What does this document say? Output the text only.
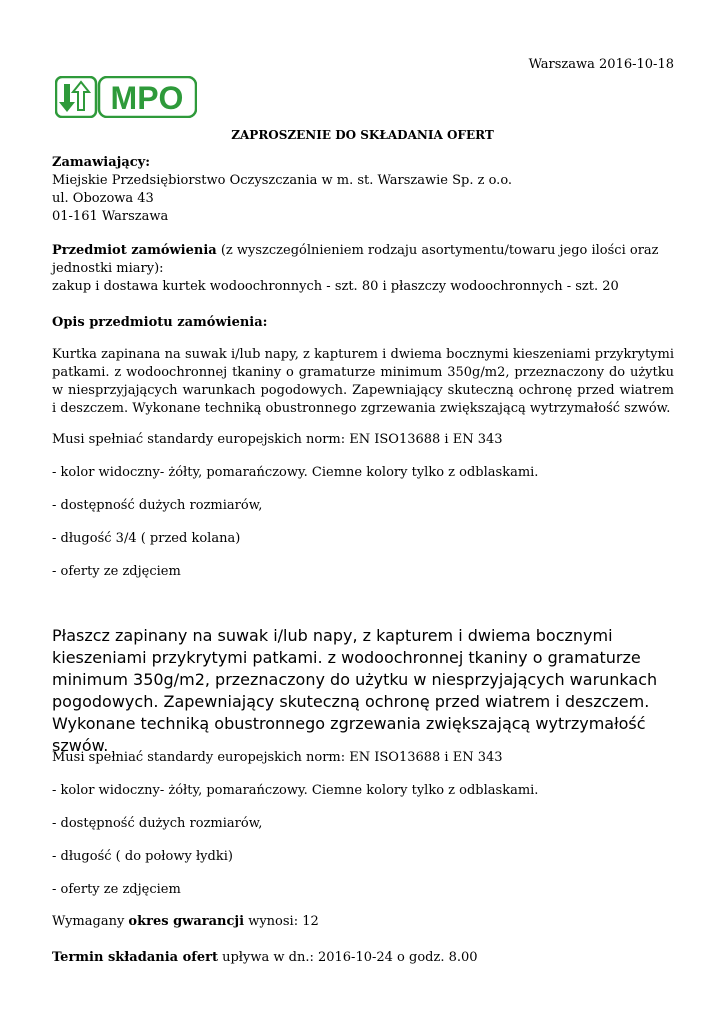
Warszawa 2016-10-18
MPO
ZAPROSZENIE DO SKŁADANIA OFERT

Zamawiający:

Miejskie Przedsiębiorstwo Oczyszczania w m. st. Warszawie Sp. z o.o.

ul. Obozowa 43

01-161 Warszawa

Przedmiot zamówienia (z wyszczególnieniem rodzaju asortymentu/towaru jego ilości oraz jednostki miary):

zakup i dostawa kurtek wodoochronnych - szt. 80 i płaszczy wodoochronnych - szt. 20

Opis przedmiotu zamówienia:

Kurtka zapinana na suwak i/lub napy, z kapturem i dwiema bocznymi kieszeniami przykrytymi patkami. z wodoochronnej tkaniny o gramaturze minimum 350g/m2, przeznaczony do użytku w niesprzyjających warunkach pogodowych. Zapewniający skuteczną ochronę przed wiatrem i deszczem. Wykonane techniką obustronnego zgrzewania zwiększającą wytrzymałość szwów.

Musi spełniać standardy europejskich norm: EN ISO13688 i EN 343
- kolor widoczny- żółty, pomarańczowy. Ciemne kolory tylko z odblaskami.
- dostępność dużych rozmiarów,
- długość 3/4 ( przed kolana)
- oferty ze zdjęciem
Płaszcz zapinany na suwak i/lub napy, z kapturem i dwiema bocznymi kieszeniami przykrytymi patkami. z wodoochronnej tkaniny o gramaturze minimum 350g/m2, przeznaczony do użytku w niesprzyjających warunkach pogodowych. Zapewniający skuteczną ochronę przed wiatrem i deszczem. Wykonane techniką obustronnego zgrzewania zwiększającą wytrzymałość szwów.
Musi spełniać standardy europejskich norm: EN ISO13688 i EN 343
- kolor widoczny- żółty, pomarańczowy. Ciemne kolory tylko z odblaskami.
- dostępność dużych rozmiarów,
- długość ( do połowy łydki)
- oferty ze zdjęciem
Wymagany okres gwarancji wynosi: 12
Termin składania ofert upływa w dn.: 2016-10-24 o godz. 8.00
